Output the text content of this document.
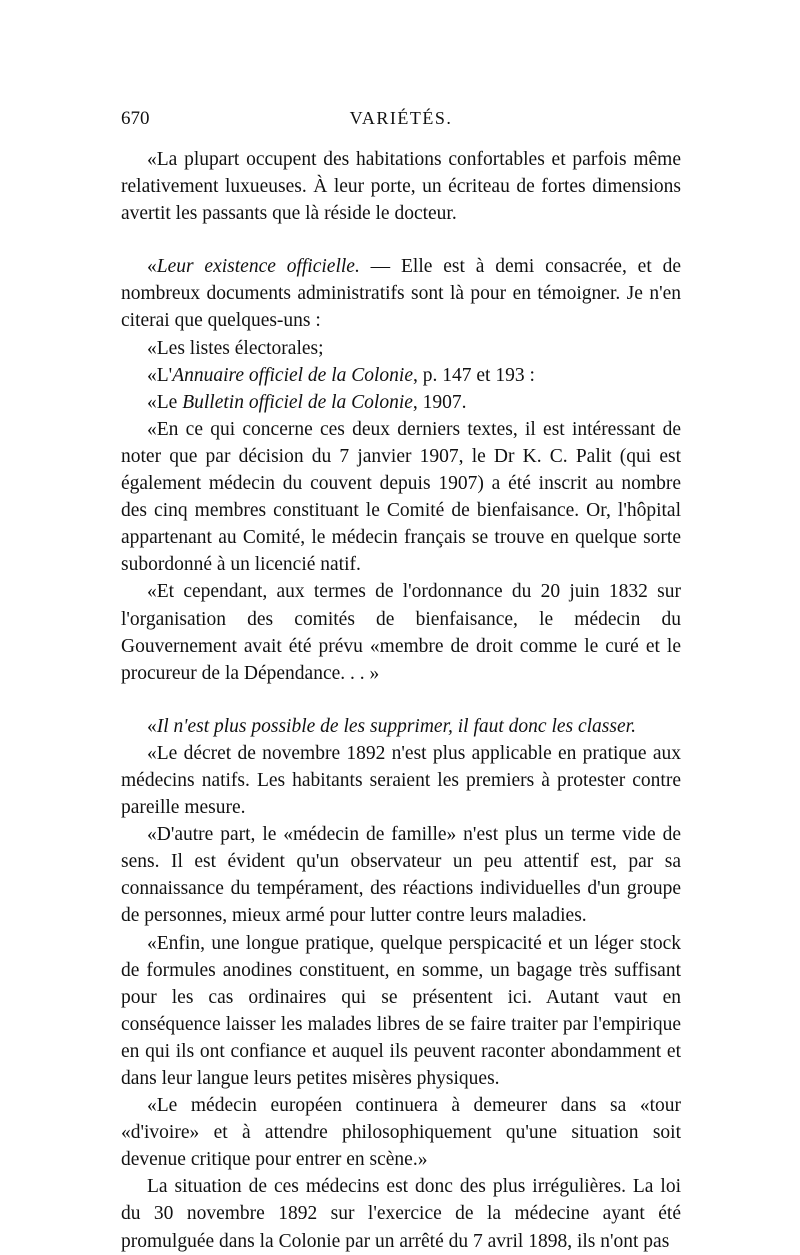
670	VARIÉTÉS.

«La plupart occupent des habitations confortables et parfois même relativement luxueuses. À leur porte, un écriteau de fortes dimensions avertit les passants que là réside le docteur.

«Leur existence officielle. — Elle est à demi consacrée, et de nombreux documents administratifs sont là pour en témoigner. Je n'en citerai que quelques-uns :

«Les listes électorales;

«L'Annuaire officiel de la Colonie, p. 147 et 193 :

«Le Bulletin officiel de la Colonie, 1907.

«En ce qui concerne ces deux derniers textes, il est intéressant de noter que par décision du 7 janvier 1907, le Dr K. C. Palit (qui est également médecin du couvent depuis 1907) a été inscrit au nombre des cinq membres constituant le Comité de bienfaisance. Or, l'hôpital appartenant au Comité, le médecin français se trouve en quelque sorte subordonné à un licencié natif.

«Et cependant, aux termes de l'ordonnance du 20 juin 1832 sur l'organisation des comités de bienfaisance, le médecin du Gouvernement avait été prévu «membre de droit comme le curé et le procureur de la Dépendance. . . »

«Il n'est plus possible de les supprimer, il faut donc les classer.

«Le décret de novembre 1892 n'est plus applicable en pratique aux médecins natifs. Les habitants seraient les premiers à protester contre pareille mesure.

«D'autre part, le «médecin de famille» n'est plus un terme vide de sens. Il est évident qu'un observateur un peu attentif est, par sa connaissance du tempérament, des réactions individuelles d'un groupe de personnes, mieux armé pour lutter contre leurs maladies.

«Enfin, une longue pratique, quelque perspicacité et un léger stock de formules anodines constituent, en somme, un bagage très suffisant pour les cas ordinaires qui se présentent ici. Autant vaut en conséquence laisser les malades libres de se faire traiter par l'empirique en qui ils ont confiance et auquel ils peuvent raconter abondamment et dans leur langue leurs petites misères physiques.

«Le médecin européen continuera à demeurer dans sa «tour «d'ivoire» et à attendre philosophiquement qu'une situation soit devenue critique pour entrer en scène.»

La situation de ces médecins est donc des plus irrégulières. La loi du 30 novembre 1892 sur l'exercice de la médecine ayant été promulguée dans la Colonie par un arrêté du 7 avril 1898, ils n'ont pas
